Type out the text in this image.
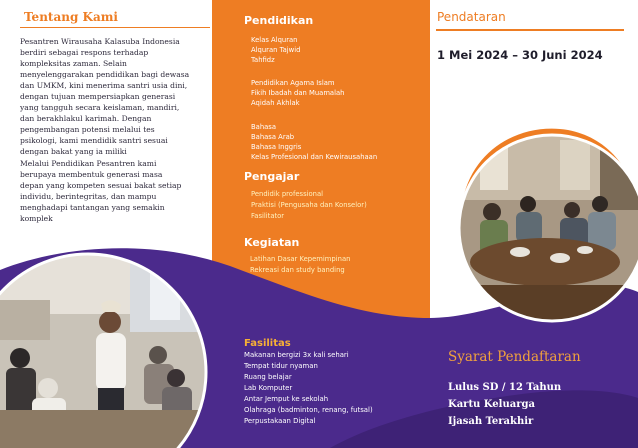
Tentang Kami

Pesantren Wirausaha Kalasuba Indonesia

berdiri sebagai respons terhadap

kompleksitas zaman. Selain

menyelenggarakan pendidikan bagi dewasa

dan UMKM, kini menerima santri usia dini,

dengan tujuan mempersiapkan generasi

yang tangguh secara keislaman, mandiri,

dan berakhlakul karimah. Dengan

pengembangan potensi melalui tes

psikologi, kami mendidik santri sesuai

dengan bakat yang ia miliki

Melalui Pendidikan Pesantren kami

berupaya membentuk generasi masa

depan yang kompeten sesuai bakat setiap

individu, berintegritas, dan mampu

menghadapi tantangan yang semakin

komplek

Pendidikan
Kelas Alquran
Alquran Tajwid
Tahfidz
Pendidikan Agama Islam
Fikih Ibadah dan Muamalah
Aqidah Akhlak
Bahasa
Bahasa Arab
Bahasa Inggris
Kelas Profesional dan Kewirausahaan
Pengajar
Pendidik professional
Praktisi (Pengusaha dan Konselor)
Fasilitator
Kegiatan
Latihan Dasar Kepemimpinan
Rekreasi dan study banding
Fasilitas
Makanan bergizi 3x kali sehari
Tempat tidur nyaman
Ruang belajar
Lab Komputer
Antar Jemput ke sekolah
Olahraga (badminton, renang, futsal)
Perpustakaan Digital
Pendataran
1 Mei 2024 – 30 Juni 2024
Syarat Pendaftaran
Lulus SD / 12 Tahun
Kartu Keluarga
Ijasah Terakhir
